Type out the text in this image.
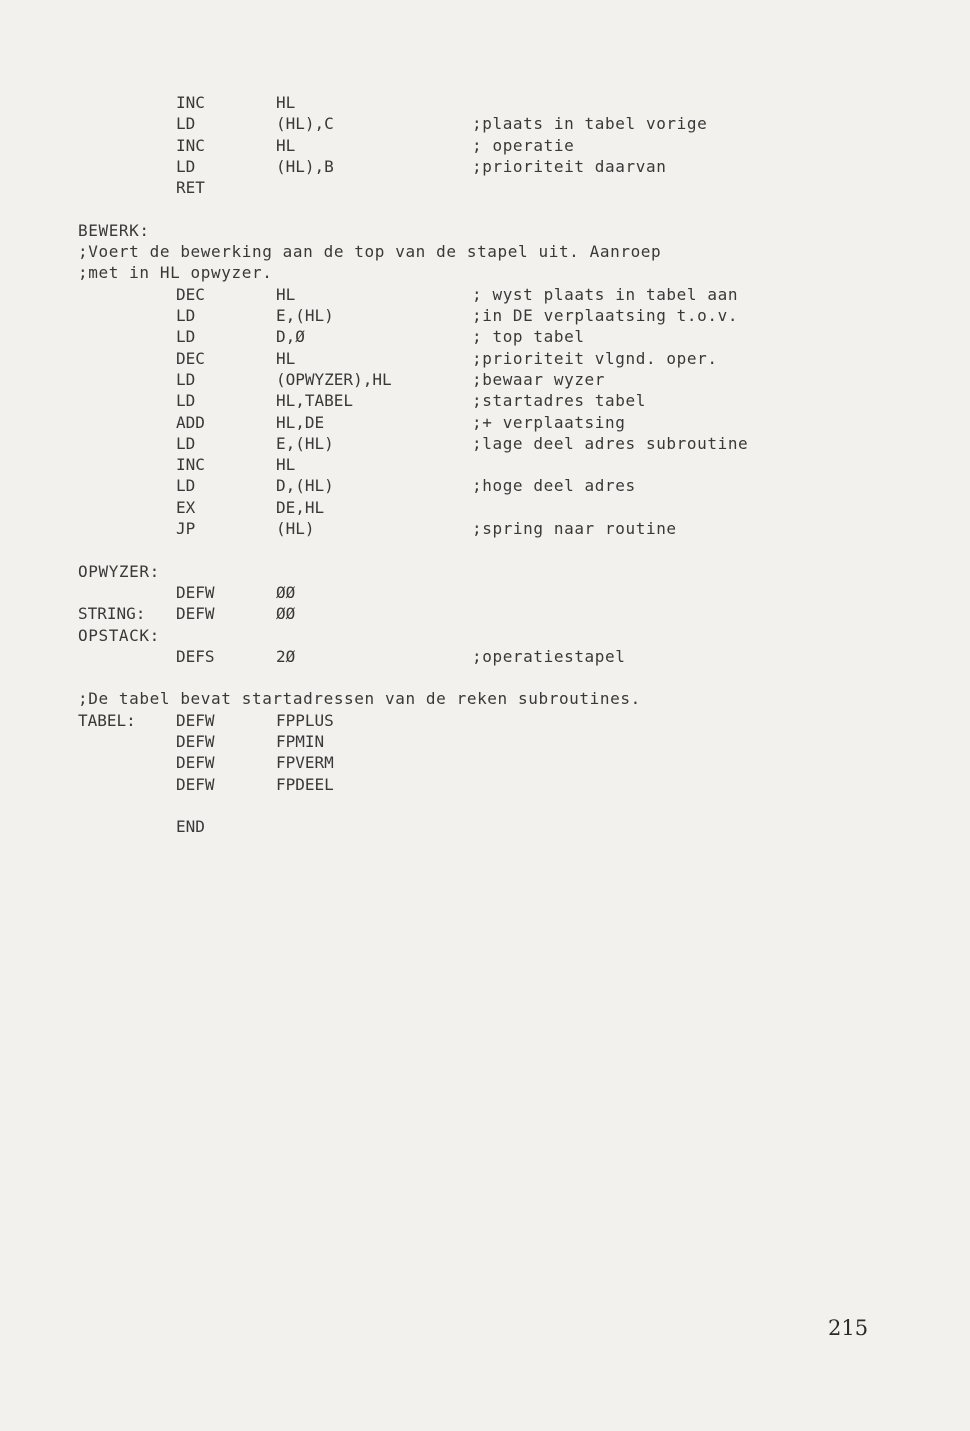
INC	HL
LD	(HL),C	;plaats in tabel vorige
INC	HL	; operatie
LD	(HL),B	;prioriteit daarvan
RET
BEWERK:
;Voert de bewerking aan de top van de stapel uit. Aanroep
;met in HL opwyzer.
DEC	HL	; wyst plaats in tabel aan
LD	E,(HL)	;in DE verplaatsing t.o.v.
LD	D,Ø	; top tabel
DEC	HL	;prioriteit vlgnd. oper.
LD	(OPWYZER),HL	;bewaar wyzer
LD	HL,TABEL	;startadres tabel
ADD	HL,DE	;+ verplaatsing
LD	E,(HL)	;lage deel adres subroutine
INC	HL
LD	D,(HL)	;hoge deel adres
EX	DE,HL
JP	(HL)	;spring naar routine
OPWYZER:
DEFW	ØØ
STRING: DEFW	ØØ
OPSTACK:
DEFS	2Ø	;operatiestapel
;De tabel bevat startadressen van de reken subroutines.
TABEL:	DEFW	FPPLUS
DEFW	FPMIN
DEFW	FPVERM
DEFW	FPDEEL
END
215
